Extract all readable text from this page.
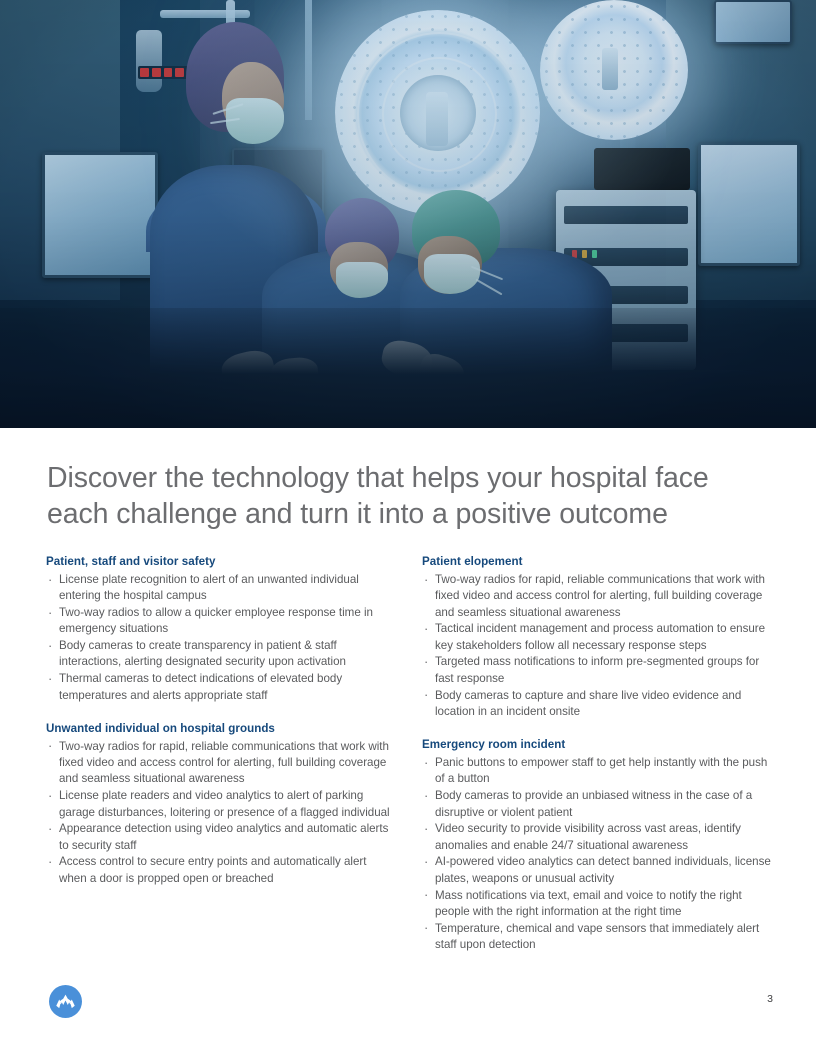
Discover the technology that helps your hospital face each challenge and turn it into a positive outcome
Patient, staff and visitor safety
· License plate recognition to alert of an unwanted individual entering the hospital campus
· Two-way radios to allow a quicker employee response time in emergency situations
· Body cameras to create transparency in patient & staff interactions, alerting designated security upon activation
· Thermal cameras to detect indications of elevated body temperatures and alerts appropriate staff
Unwanted individual on hospital grounds
· Two-way radios for rapid, reliable communications that work with fixed video and access control for alerting, full building coverage and seamless situational awareness
· License plate readers and video analytics to alert of parking garage disturbances, loitering or presence of a flagged individual
· Appearance detection using video analytics and automatic alerts to security staff
· Access control to secure entry points and automatically alert when a door is propped open or breached
Patient elopement
· Two-way radios for rapid, reliable communications that work with fixed video and access control for alerting, full building coverage and seamless situational awareness
· Tactical incident management and process automation to ensure key stakeholders follow all necessary response steps
· Targeted mass notifications to inform pre-segmented groups for fast response
· Body cameras to capture and share live video evidence and location in an incident onsite
Emergency room incident
· Panic buttons to empower staff to get help instantly with the push of a button
· Body cameras to provide an unbiased witness in the case of a disruptive or violent patient
· Video security to provide visibility across vast areas, identify anomalies and enable 24/7 situational awareness
· AI-powered video analytics can detect banned individuals, license plates, weapons or unusual activity
· Mass notifications via text, email and voice to notify the right people with the right information at the right time
· Temperature, chemical and vape sensors that immediately alert staff upon detection
3
